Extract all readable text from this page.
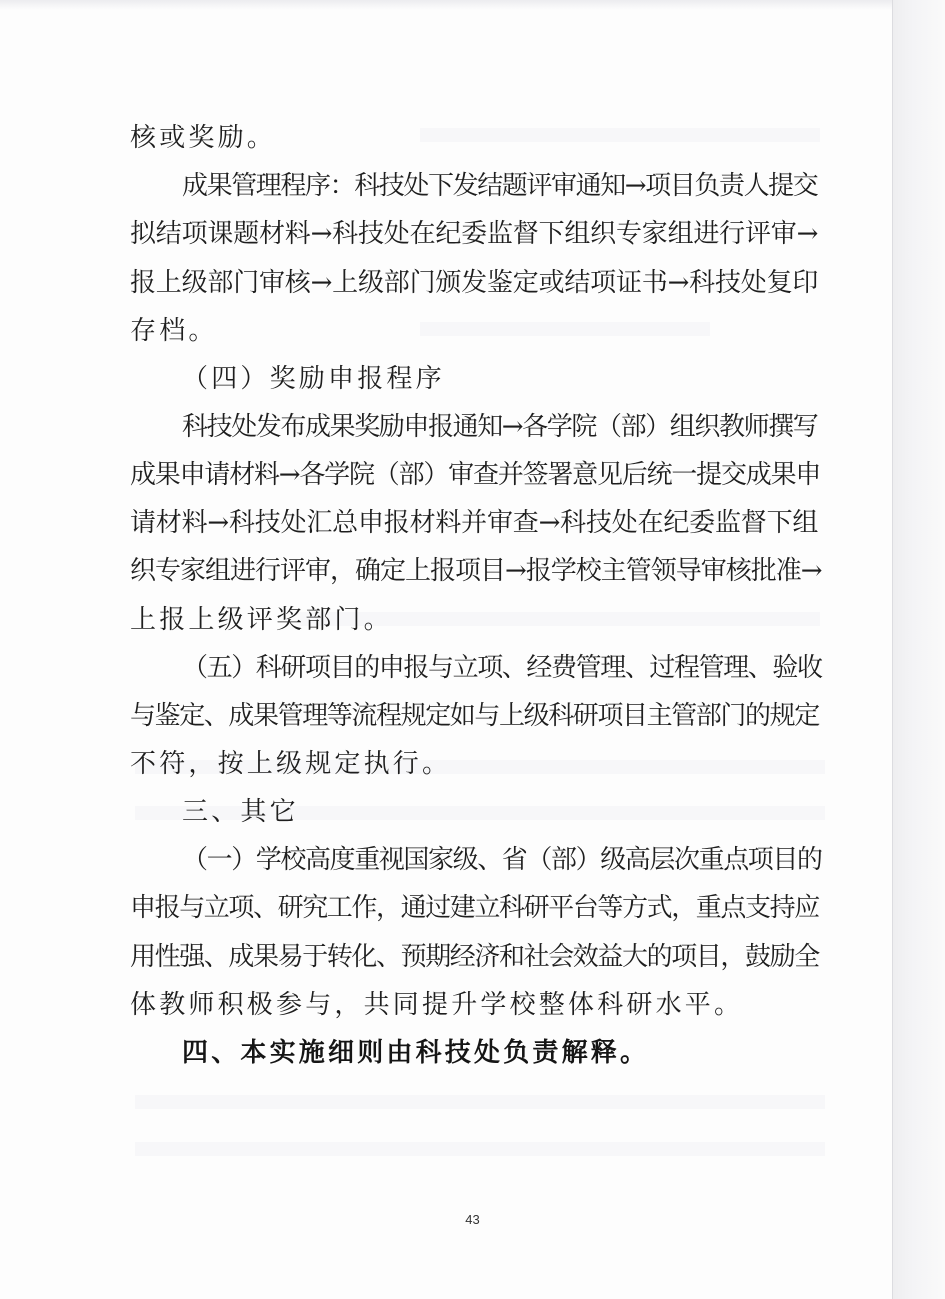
核或奖励。

成果管理程序：科技处下发结题评审通知→项目负责人提交

拟结项课题材料→科技处在纪委监督下组织专家组进行评审→

报上级部门审核→上级部门颁发鉴定或结项证书→科技处复印

存档。

（四）奖励申报程序

科技处发布成果奖励申报通知→各学院（部）组织教师撰写

成果申请材料→各学院（部）审查并签署意见后统一提交成果申

请材料→科技处汇总申报材料并审查→科技处在纪委监督下组

织专家组进行评审，确定上报项目→报学校主管领导审核批准→

上报上级评奖部门。

（五）科研项目的申报与立项、经费管理、过程管理、验收

与鉴定、成果管理等流程规定如与上级科研项目主管部门的规定

不符，按上级规定执行。

三、其它

（一）学校高度重视国家级、省（部）级高层次重点项目的

申报与立项、研究工作，通过建立科研平台等方式，重点支持应

用性强、成果易于转化、预期经济和社会效益大的项目，鼓励全

体教师积极参与，共同提升学校整体科研水平。

四、本实施细则由科技处负责解释。

43
